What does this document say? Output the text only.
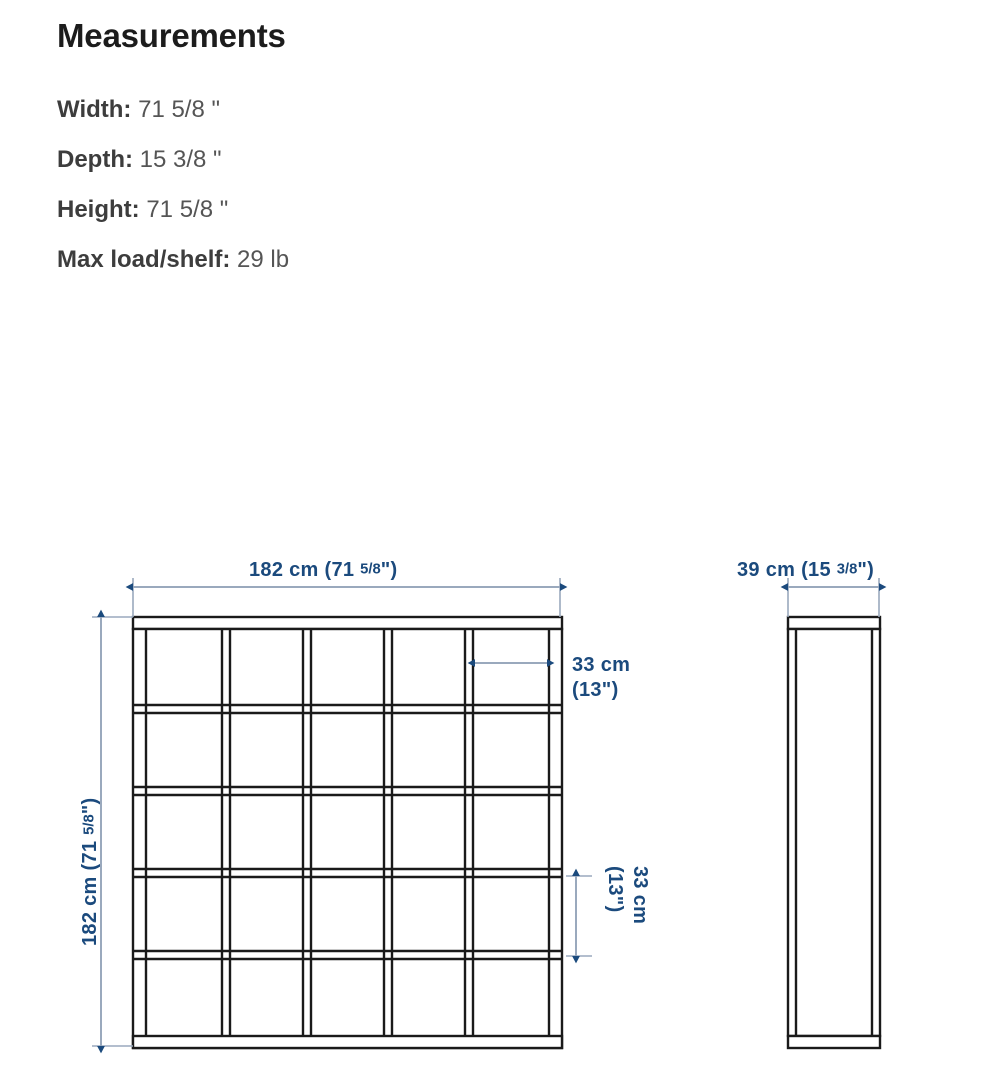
Measurements
Width: 71 5/8 "
Depth: 15 3/8 "
Height: 71 5/8 "
Max load/shelf: 29 lb
182 cm (71 5/8")	39 cm (15 3/8")
33 cm
(13")
182 cm (71 5/8")
33 cm
(13")
